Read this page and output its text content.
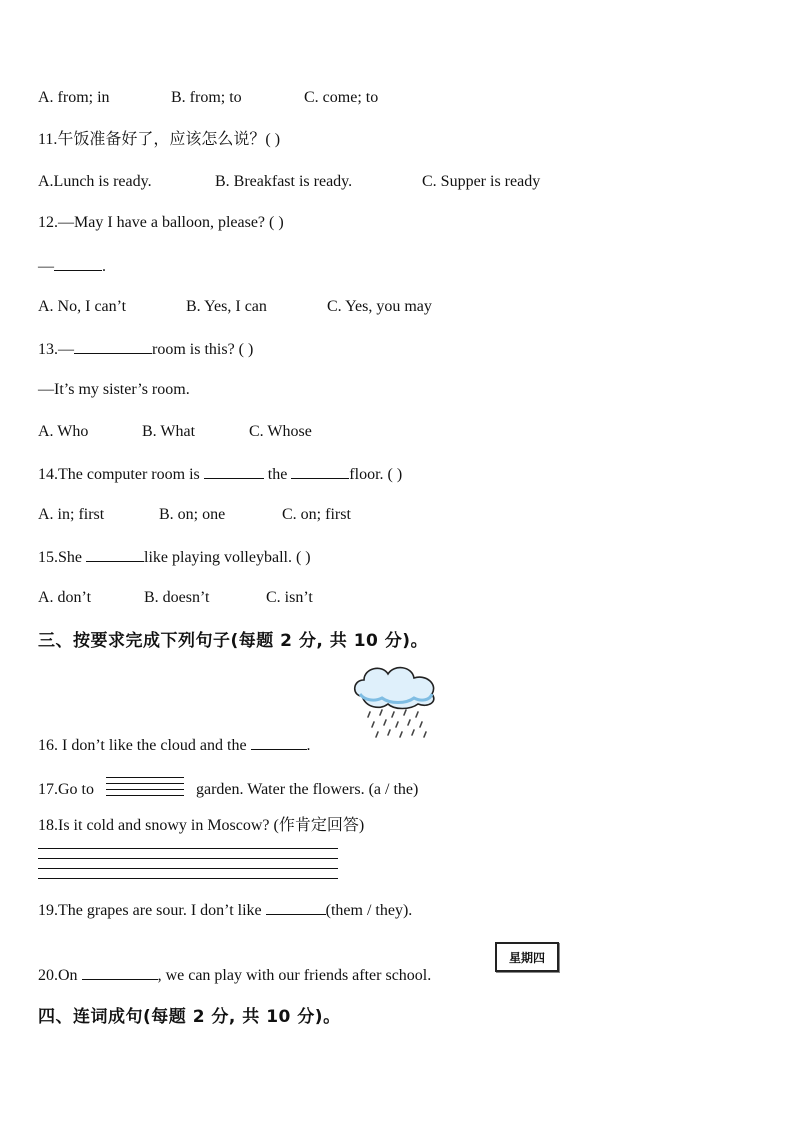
A. from; in	B. from; to	C. come; to
11.午饭准备好了，应该怎么说？( )
A.Lunch is ready.	B. Breakfast is ready.	C. Supper is ready
12.—May I have a balloon, please? ( )
—	.
A. No, I can’t	B. Yes, I can	C. Yes, you may
13.—	room is this? ( )
—It’s my sister’s room.
A. Who	B. What	C. Whose
14.The computer room is	the	floor. ( )
A. in; first	B. on; one	C. on; first
15.She	like playing volleyball. ( )
A. don’t	B. doesn’t	C. isn’t
三、按要求完成下列句子(每题 2 分, 共 10 分)。
16. I don’t like the cloud and the	.
17.Go to	garden. Water the flowers. (a / the)
18.Is it cold and snowy in Moscow? (作肯定回答)
19.The grapes are sour. I don’t like	(them / they).
20.On	, we can play with our friends after school.
星期四
四、连词成句(每题 2 分, 共 10 分)。
